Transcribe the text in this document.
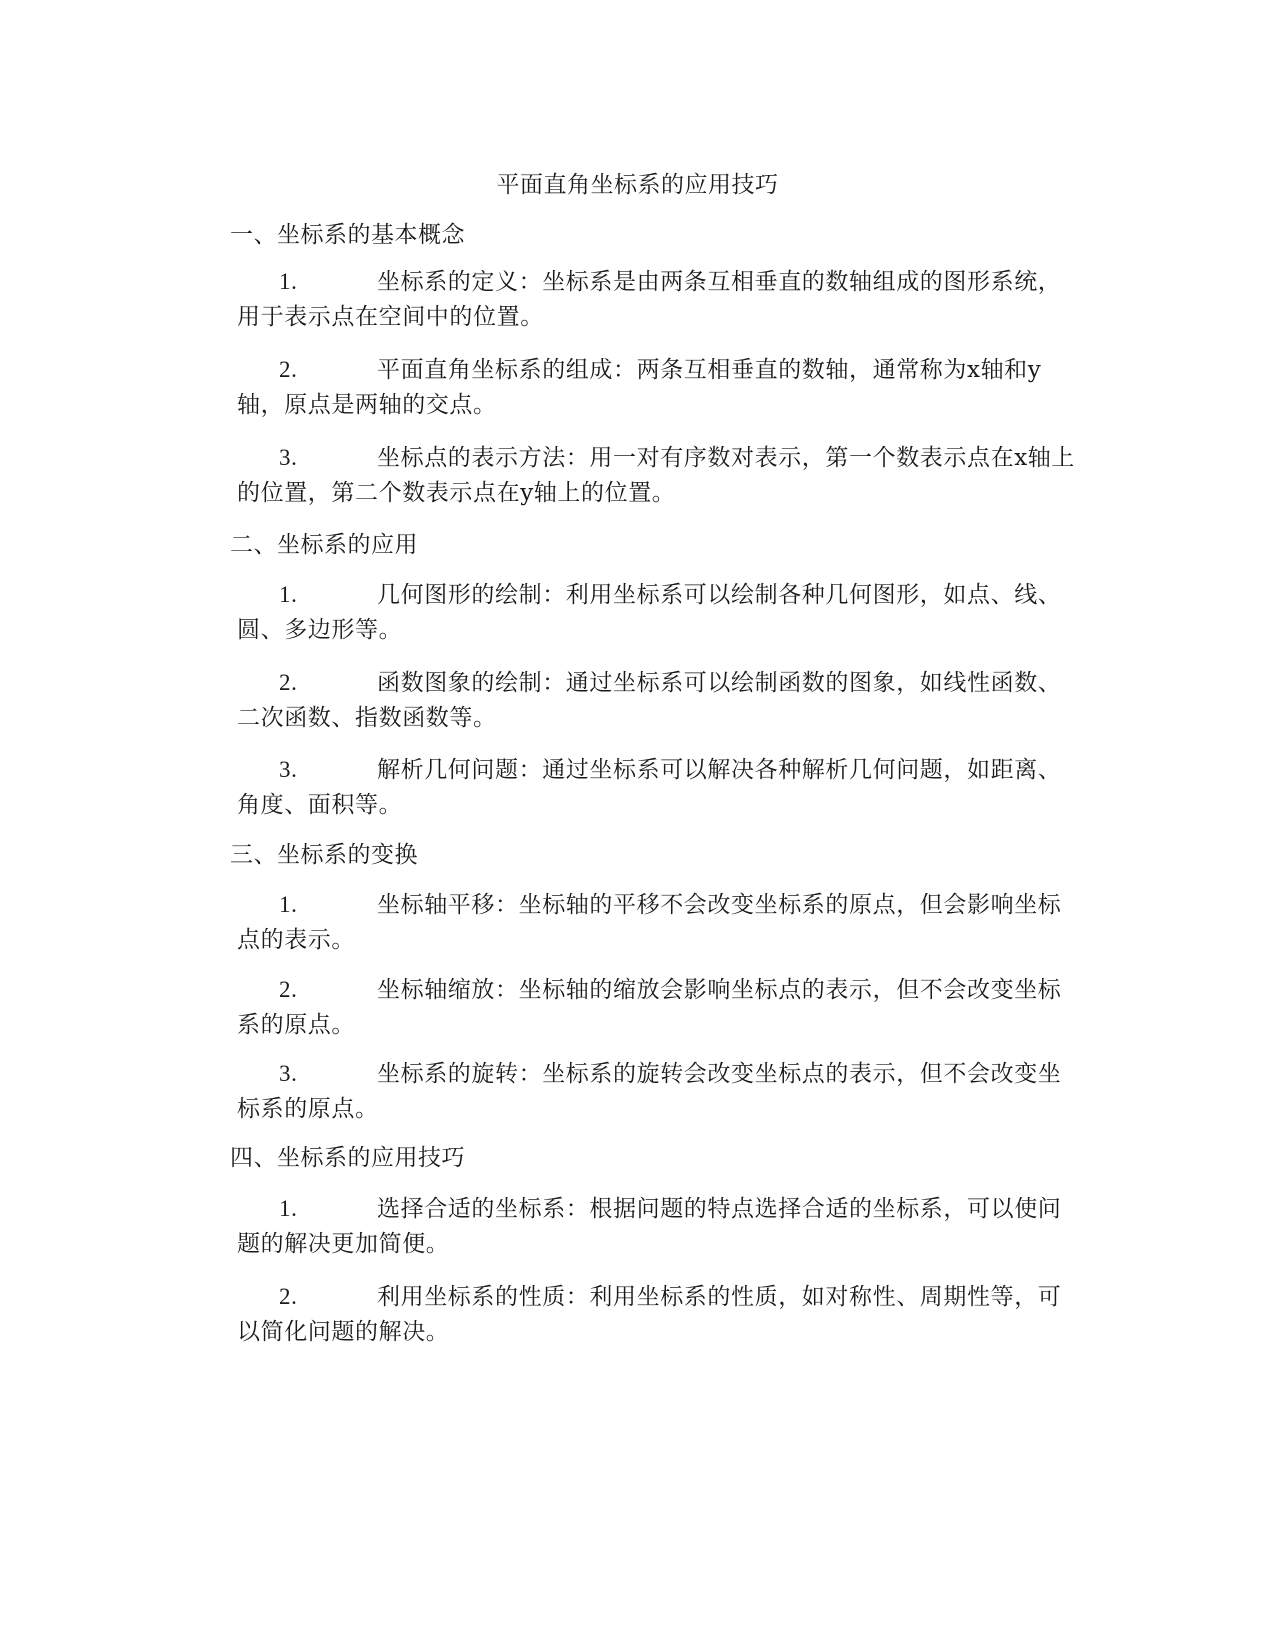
平面直角坐标系的应用技巧
一、坐标系的基本概念
1.	坐标系的定义：坐标系是由两条互相垂直的数轴组成的图形系统，用于表示点在空间中的位置。
2.	平面直角坐标系的组成：两条互相垂直的数轴，通常称为x轴和y轴，原点是两轴的交点。
3.	坐标点的表示方法：用一对有序数对表示，第一个数表示点在x轴上的位置，第二个数表示点在y轴上的位置。
二、坐标系的应用
1.	几何图形的绘制：利用坐标系可以绘制各种几何图形，如点、线、圆、多边形等。
2.	函数图象的绘制：通过坐标系可以绘制函数的图象，如线性函数、二次函数、指数函数等。
3.	解析几何问题：通过坐标系可以解决各种解析几何问题，如距离、角度、面积等。
三、坐标系的变换
1.	坐标轴平移：坐标轴的平移不会改变坐标系的原点，但会影响坐标点的表示。
2.	坐标轴缩放：坐标轴的缩放会影响坐标点的表示，但不会改变坐标系的原点。
3.	坐标系的旋转：坐标系的旋转会改变坐标点的表示，但不会改变坐标系的原点。
四、坐标系的应用技巧
1.	选择合适的坐标系：根据问题的特点选择合适的坐标系，可以使问题的解决更加简便。
2.	利用坐标系的性质：利用坐标系的性质，如对称性、周期性等，可以简化问题的解决。
